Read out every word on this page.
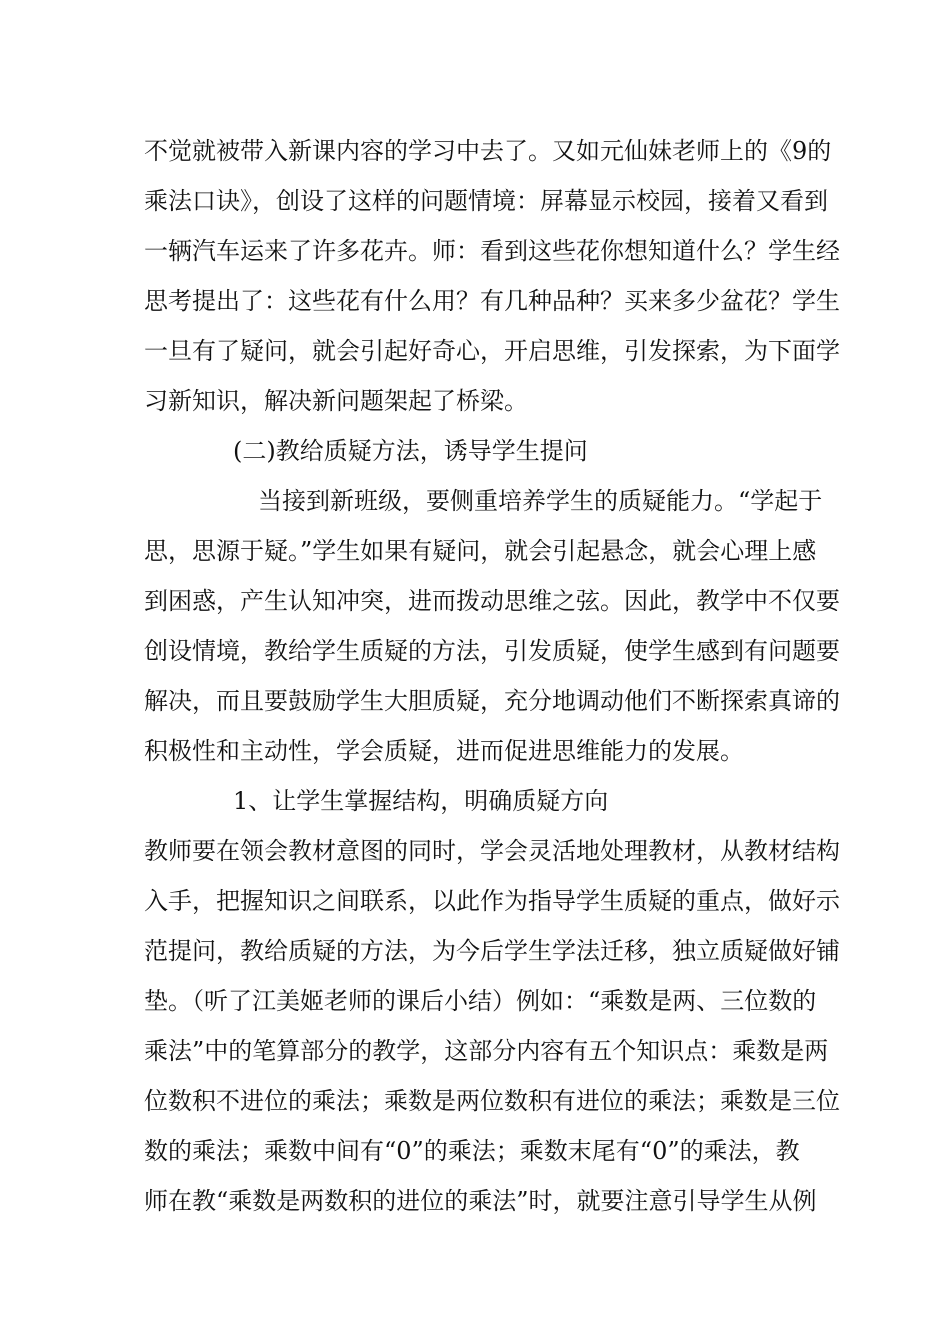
不觉就被带入新课内容的学习中去了。又如元仙妹老师上的《9的
乘法口诀》，创设了这样的问题情境：屏幕显示校园，接着又看到
一辆汽车运来了许多花卉。师：看到这些花你想知道什么？学生经
思考提出了：这些花有什么用？有几种品种？买来多少盆花？学生
一旦有了疑问，就会引起好奇心，开启思维，引发探索，为下面学
习新知识，解决新问题架起了桥梁。
(二)教给质疑方法，诱导学生提问
当接到新班级，要侧重培养学生的质疑能力。“学起于
思，思源于疑。”学生如果有疑问，就会引起悬念，就会心理上感
到困惑，产生认知冲突，进而拨动思维之弦。因此，教学中不仅要
创设情境，教给学生质疑的方法，引发质疑，使学生感到有问题要
解决，而且要鼓励学生大胆质疑，充分地调动他们不断探索真谛的
积极性和主动性，学会质疑，进而促进思维能力的发展。
1、让学生掌握结构，明确质疑方向
教师要在领会教材意图的同时，学会灵活地处理教材，从教材结构
入手，把握知识之间联系，以此作为指导学生质疑的重点，做好示
范提问，教给质疑的方法，为今后学生学法迁移，独立质疑做好铺
垫。（听了江美姬老师的课后小结）例如：“乘数是两、三位数的
乘法”中的笔算部分的教学，这部分内容有五个知识点：乘数是两
位数积不进位的乘法；乘数是两位数积有进位的乘法；乘数是三位
数的乘法；乘数中间有“0”的乘法；乘数末尾有“0”的乘法，教
师在教“乘数是两数积的进位的乘法”时，就要注意引导学生从例
